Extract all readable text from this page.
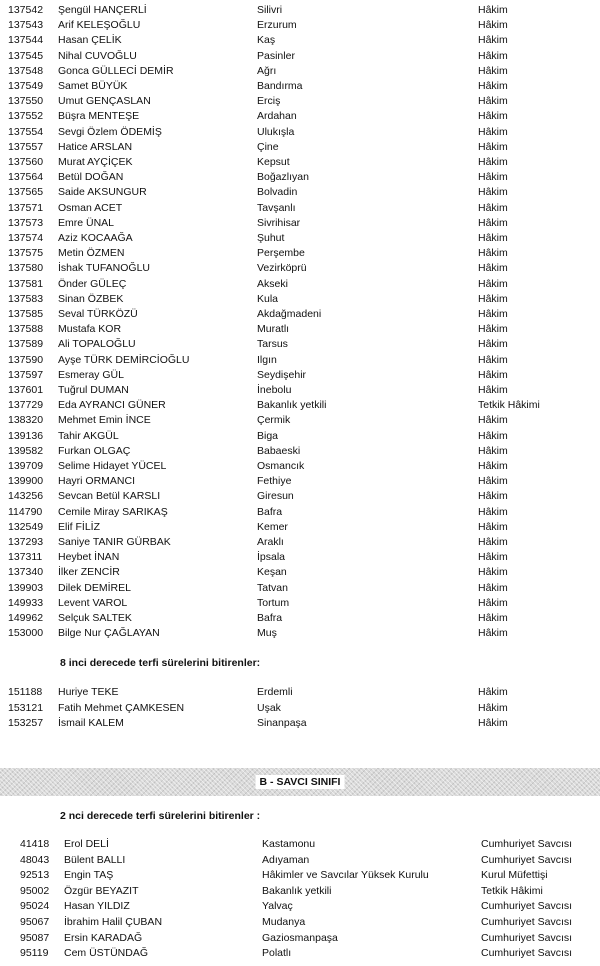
137542 Şengül HANÇERLİ	Silivri	Hâkim
137543 Arif KELEŞOĞLU	Erzurum	Hâkim
137544 Hasan ÇELİK	Kaş	Hâkim
137545 Nihal CUVOĞLU	Pasinler	Hâkim
137548 Gonca GÜLLECİ DEMİR	Ağrı	Hâkim
137549 Samet BÜYÜK	Bandırma	Hâkim
137550 Umut GENÇASLAN	Erciş	Hâkim
137552 Büşra MENTEŞE	Ardahan	Hâkim
137554 Sevgi Özlem ÖDEMİŞ	Ulukışla	Hâkim
137557 Hatice ARSLAN	Çine	Hâkim
137560 Murat AYÇİÇEK	Kepsut	Hâkim
137564 Betül DOĞAN	Boğazlıyan	Hâkim
137565 Saide AKSUNGUR	Bolvadin	Hâkim
137571 Osman ACET	Tavşanlı	Hâkim
137573 Emre ÜNAL	Sivrihisar	Hâkim
137574 Aziz KOCAAĞA	Şuhut	Hâkim
137575 Metin ÖZMEN	Perşembe	Hâkim
137580 İshak TUFANOĞLU	Vezirköprü	Hâkim
137581 Önder GÜLEÇ	Akseki	Hâkim
137583 Sinan ÖZBEK	Kula	Hâkim
137585 Seval TÜRKÖZÜ	Akdağmadeni	Hâkim
137588 Mustafa KOR	Muratlı	Hâkim
137589 Ali TOPALOĞLU	Tarsus	Hâkim
137590 Ayşe TÜRK DEMİRCİOĞLU	Ilgın	Hâkim
137597 Esmeray GÜL	Seydişehir	Hâkim
137601 Tuğrul DUMAN	İnebolu	Hâkim
137729 Eda AYRANCI GÜNER	Bakanlık yetkili	Tetkik Hâkimi
138320 Mehmet Emin İNCE	Çermik	Hâkim
139136 Tahir AKGÜL	Biga	Hâkim
139582 Furkan OLGAÇ	Babaeski	Hâkim
139709 Selime Hidayet YÜCEL	Osmancık	Hâkim
139900 Hayri ORMANCI	Fethiye	Hâkim
143256 Sevcan Betül KARSLI	Giresun	Hâkim
114790 Cemile Miray SARIKAŞ	Bafra	Hâkim
132549 Elif FİLİZ	Kemer	Hâkim
137293 Saniye TANIR GÜRBAK	Araklı	Hâkim
137311 Heybet İNAN	İpsala	Hâkim
137340 İlker ZENCİR	Keşan	Hâkim
139903 Dilek DEMİREL	Tatvan	Hâkim
149933 Levent VAROL	Tortum	Hâkim
149962 Selçuk SALTEK	Bafra	Hâkim
153000 Bilge Nur ÇAĞLAYAN	Muş	Hâkim
8 inci derecede terfi sürelerini bitirenler:
151188 Huriye TEKE	Erdemli	Hâkim
153121 Fatih Mehmet ÇAMKESEN	Uşak	Hâkim
153257 İsmail KALEM	Sinanpaşa	Hâkim
B - SAVCI SINIFI
2 nci derecede terfi sürelerini bitirenler :
41418 Erol DELİ	Kastamonu	Cumhuriyet Savcısı
48043 Bülent BALLI	Adıyaman	Cumhuriyet Savcısı
92513 Engin TAŞ	Hâkimler ve Savcılar Yüksek Kurulu	Kurul Müfettişi
95002 Özgür BEYAZIT	Bakanlık yetkili	Tetkik Hâkimi
95024 Hasan YILDIZ	Yalvaç	Cumhuriyet Savcısı
95067 İbrahim Halil ÇUBAN	Mudanya	Cumhuriyet Savcısı
95087 Ersin KARADAĞ	Gaziosmanpaşa	Cumhuriyet Savcısı
95119 Cem ÜSTÜNDAĞ	Polatlı	Cumhuriyet Savcısı
